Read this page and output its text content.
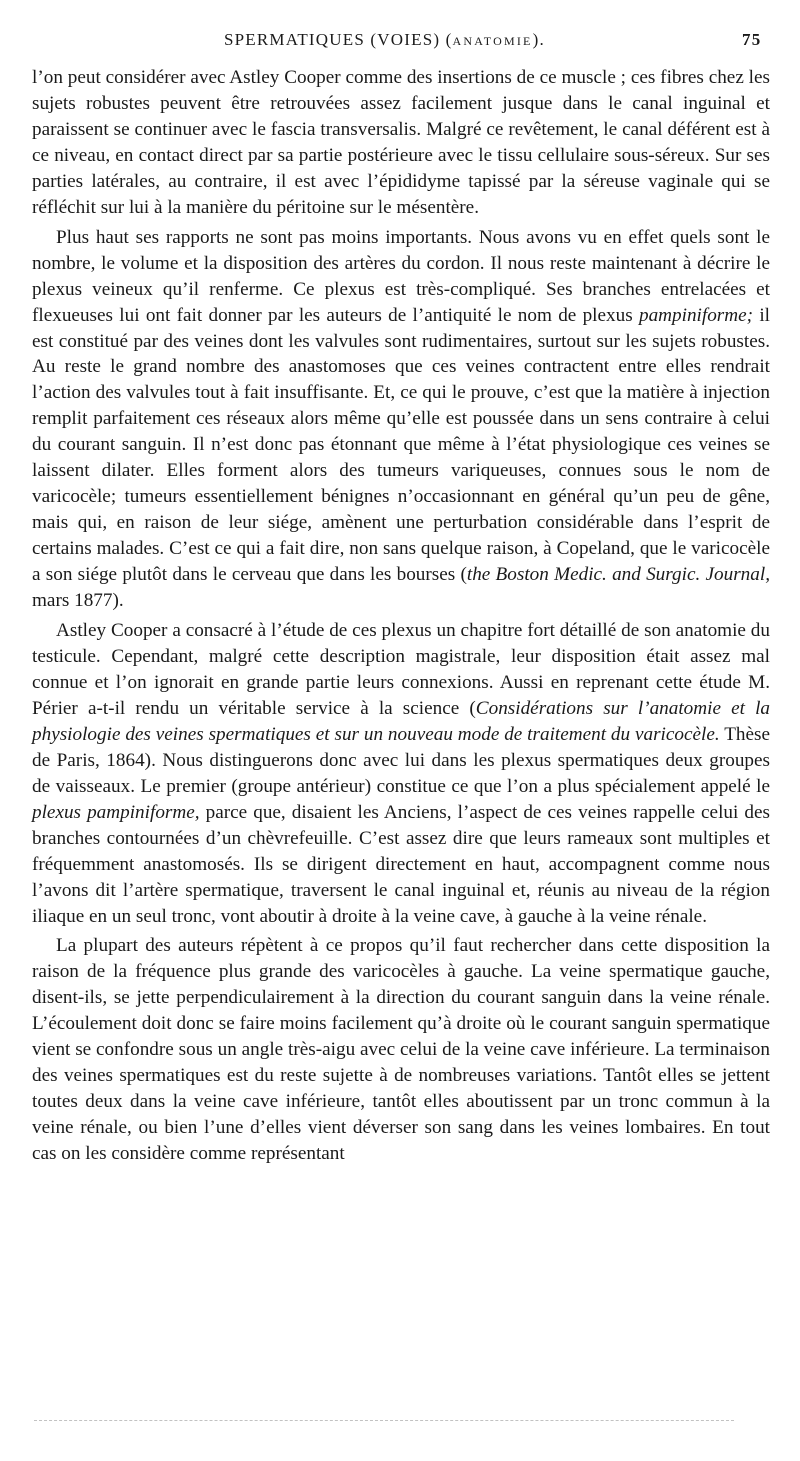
SPERMATIQUES (VOIES) (ANATOMIE).	75

l’on peut considérer avec Astley Cooper comme des insertions de ce muscle ; ces fibres chez les sujets robustes peuvent être retrouvées assez facilement jusque dans le canal inguinal et paraissent se continuer avec le fascia transversalis. Malgré ce revêtement, le canal déférent est à ce niveau, en contact direct par sa partie postérieure avec le tissu cellulaire sous-séreux. Sur ses parties latérales, au contraire, il est avec l’épididyme tapissé par la séreuse vaginale qui se réfléchit sur lui à la manière du péritoine sur le mésentère.

Plus haut ses rapports ne sont pas moins importants. Nous avons vu en effet quels sont le nombre, le volume et la disposition des artères du cordon. Il nous reste maintenant à décrire le plexus veineux qu’il renferme. Ce plexus est très-compliqué. Ses branches entrelacées et flexueuses lui ont fait donner par les auteurs de l’antiquité le nom de plexus pampiniforme; il est constitué par des veines dont les valvules sont rudimentaires, surtout sur les sujets robustes. Au reste le grand nombre des anastomoses que ces veines contractent entre elles rendrait l’action des valvules tout à fait insuffisante. Et, ce qui le prouve, c’est que la matière à injection remplit parfaitement ces réseaux alors même qu’elle est poussée dans un sens contraire à celui du courant sanguin. Il n’est donc pas étonnant que même à l’état physiologique ces veines se laissent dilater. Elles forment alors des tumeurs variqueuses, connues sous le nom de varicocèle; tumeurs essentiellement bénignes n’occasionnant en général qu’un peu de gêne, mais qui, en raison de leur siége, amènent une perturbation considérable dans l’esprit de certains malades. C’est ce qui a fait dire, non sans quelque raison, à Copeland, que le varicocèle a son siége plutôt dans le cerveau que dans les bourses (the Boston Medic. and Surgic. Journal, mars 1877).

Astley Cooper a consacré à l’étude de ces plexus un chapitre fort détaillé de son anatomie du testicule. Cependant, malgré cette description magistrale, leur disposition était assez mal connue et l’on ignorait en grande partie leurs connexions. Aussi en reprenant cette étude M. Périer a-t-il rendu un véritable service à la science (Considérations sur l’anatomie et la physiologie des veines spermatiques et sur un nouveau mode de traitement du varicocèle. Thèse de Paris, 1864). Nous distinguerons donc avec lui dans les plexus spermatiques deux groupes de vaisseaux. Le premier (groupe antérieur) constitue ce que l’on a plus spécialement appelé le plexus pampiniforme, parce que, disaient les Anciens, l’aspect de ces veines rappelle celui des branches contournées d’un chèvrefeuille. C’est assez dire que leurs rameaux sont multiples et fréquemment anastomosés. Ils se dirigent directement en haut, accompagnent comme nous l’avons dit l’artère spermatique, traversent le canal inguinal et, réunis au niveau de la région iliaque en un seul tronc, vont aboutir à droite à la veine cave, à gauche à la veine rénale.

La plupart des auteurs répètent à ce propos qu’il faut rechercher dans cette disposition la raison de la fréquence plus grande des varicocèles à gauche. La veine spermatique gauche, disent-ils, se jette perpendiculairement à la direction du courant sanguin dans la veine rénale. L’écoulement doit donc se faire moins facilement qu’à droite où le courant sanguin spermatique vient se confondre sous un angle très-aigu avec celui de la veine cave inférieure. La terminaison des veines spermatiques est du reste sujette à de nombreuses variations. Tantôt elles se jettent toutes deux dans la veine cave inférieure, tantôt elles aboutissent par un tronc commun à la veine rénale, ou bien l’une d’elles vient déverser son sang dans les veines lombaires. En tout cas on les considère comme représentant
